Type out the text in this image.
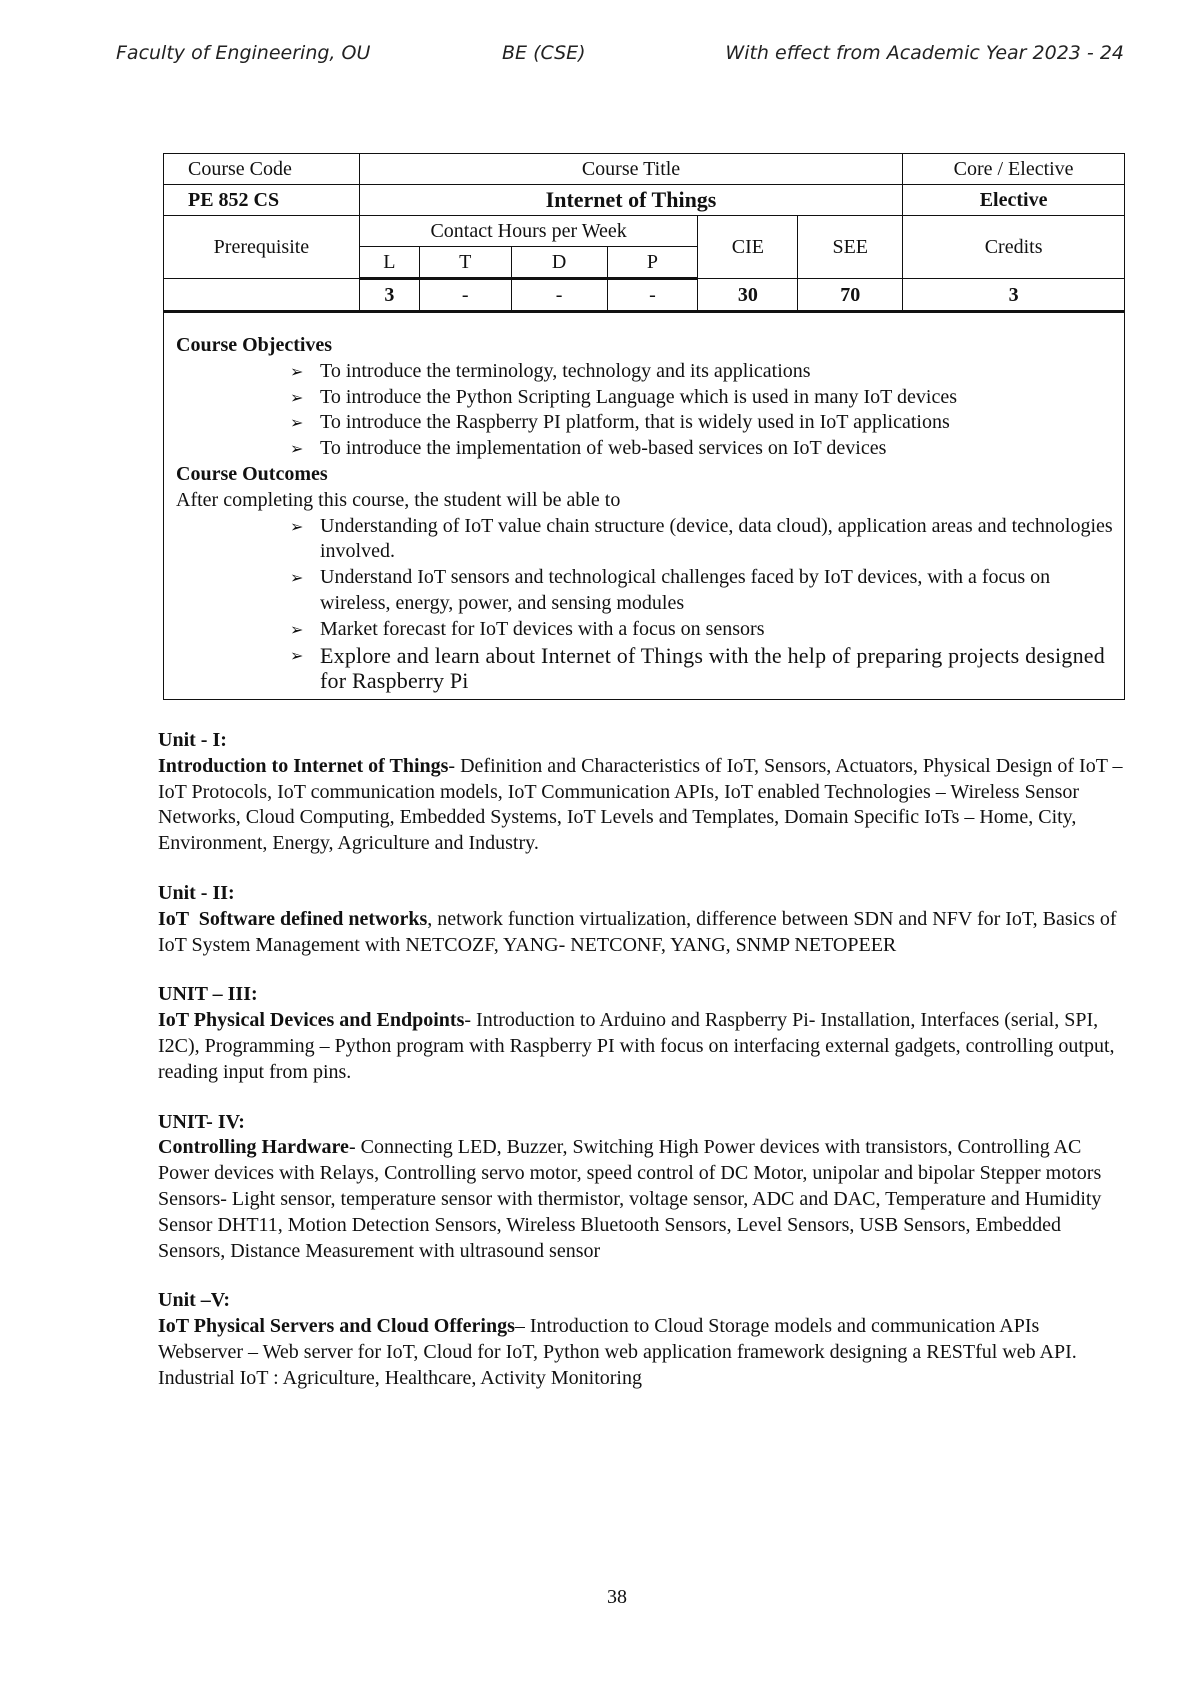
Faculty of Engineering, OU	BE (CSE)	With effect from Academic Year 2023 - 24
Course Code	Course Title						Core / Elective
PE 852 CS	Internet of Things						Elective
Prerequisite	Contact Hours per Week				CIE	SEE	Credits
	L	T	D	P			
	3	-	-	-	30	70	3
Course Objectives
➢ To introduce the terminology, technology and its applications
➢ To introduce the Python Scripting Language which is used in many IoT devices
➢ To introduce the Raspberry PI platform, that is widely used in IoT applications
➢ To introduce the implementation of web-based services on IoT devices
Course Outcomes
After completing this course, the student will be able to
➢ Understanding of IoT value chain structure (device, data cloud), application areas and technologies involved.
➢ Understand IoT sensors and technological challenges faced by IoT devices, with a focus on wireless, energy, power, and sensing modules
➢ Market forecast for IoT devices with a focus on sensors
➢ Explore and learn about Internet of Things with the help of preparing projects designed for Raspberry Pi
Unit - I:

Introduction to Internet of Things- Definition and Characteristics of IoT, Sensors, Actuators, Physical Design of IoT – IoT Protocols, IoT communication models, IoT Communication APIs, IoT enabled Technologies – Wireless Sensor Networks, Cloud Computing, Embedded Systems, IoT Levels and Templates, Domain Specific IoTs – Home, City, Environment, Energy, Agriculture and Industry.

Unit - II:

IoT  Software defined networks, network function virtualization, difference between SDN and NFV for IoT, Basics of IoT System Management with NETCOZF, YANG- NETCONF, YANG, SNMP NETOPEER

UNIT – III:

IoT Physical Devices and Endpoints- Introduction to Arduino and Raspberry Pi- Installation, Interfaces (serial, SPI, I2C), Programming – Python program with Raspberry PI with focus on interfacing external gadgets, controlling output, reading input from pins.

UNIT- IV:

Controlling Hardware- Connecting LED, Buzzer, Switching High Power devices with transistors, Controlling AC Power devices with Relays, Controlling servo motor, speed control of DC Motor, unipolar and bipolar Stepper motors Sensors- Light sensor, temperature sensor with thermistor, voltage sensor, ADC and DAC, Temperature and Humidity Sensor DHT11, Motion Detection Sensors, Wireless Bluetooth Sensors, Level Sensors, USB Sensors, Embedded Sensors, Distance Measurement with ultrasound sensor

Unit –V:

IoT Physical Servers and Cloud Offerings– Introduction to Cloud Storage models and communication APIs Webserver – Web server for IoT, Cloud for IoT, Python web application framework designing a RESTful web API. Industrial IoT : Agriculture, Healthcare, Activity Monitoring

38
